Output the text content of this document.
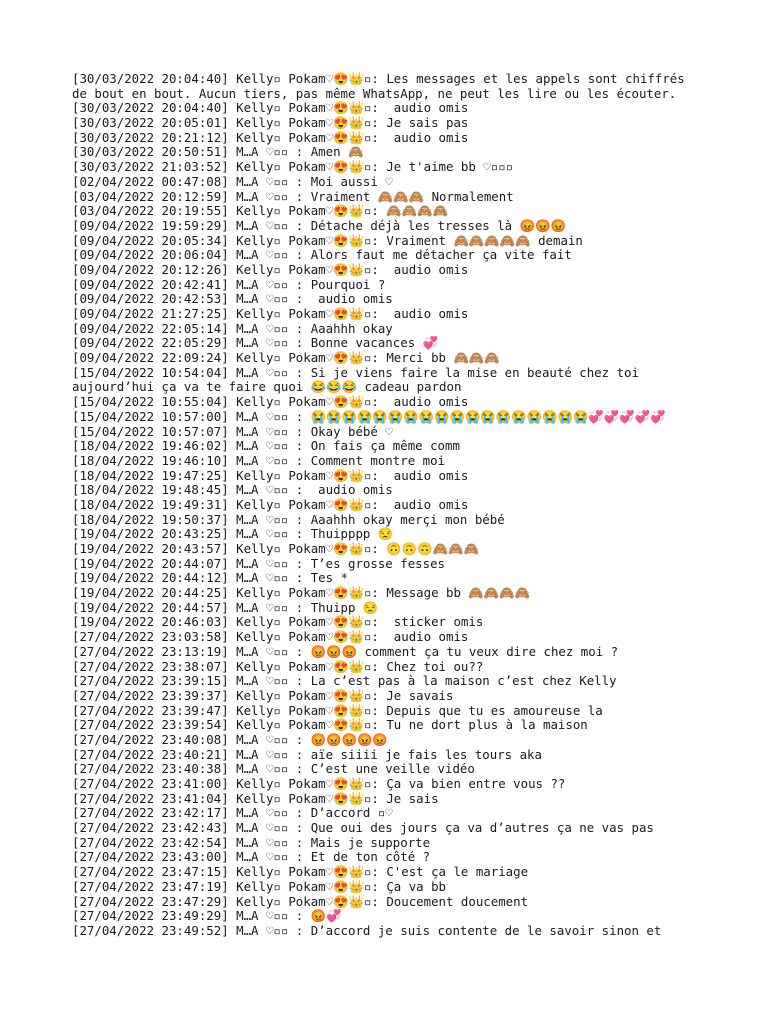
[30/03/2022 20:04:40] Kelly▫ Pokam♡😍👑▫: Les messages et les appels sont chiffrés
de bout en bout. Aucun tiers, pas même WhatsApp, ne peut les lire ou les écouter.
[30/03/2022 20:04:40] Kelly▫ Pokam♡😍👑▫:  audio omis
[30/03/2022 20:05:01] Kelly▫ Pokam♡😍👑▫: Je sais pas
[30/03/2022 20:21:12] Kelly▫ Pokam♡😍👑▫:  audio omis
[30/03/2022 20:50:51] M…A ♡▫▫ : Amen 🙈
[30/03/2022 21:03:52] Kelly▫ Pokam♡😍👑▫: Je t'aime bb ♡▫▫▫
[02/04/2022 00:47:08] M…A ♡▫▫ : Moi aussi ♡
[03/04/2022 20:12:59] M…A ♡▫▫ : Vraiment 🙈🙈🙈 Normalement
[03/04/2022 20:19:55] Kelly▫ Pokam♡😍👑▫: 🙈🙈🙈🙈
[09/04/2022 19:59:29] M…A ♡▫▫ : Détache déjà les tresses là 😡😡😡
[09/04/2022 20:05:34] Kelly▫ Pokam♡😍👑▫: Vraiment 🙈🙈🙈🙈🙈 demain
[09/04/2022 20:06:04] M…A ♡▫▫ : Alors faut me détacher ça vite fait
[09/04/2022 20:12:26] Kelly▫ Pokam♡😍👑▫:  audio omis
[09/04/2022 20:42:41] M…A ♡▫▫ : Pourquoi ?
[09/04/2022 20:42:53] M…A ♡▫▫ :  audio omis
[09/04/2022 21:27:25] Kelly▫ Pokam♡😍👑▫:  audio omis
[09/04/2022 22:05:14] M…A ♡▫▫ : Aaahhh okay
[09/04/2022 22:05:29] M…A ♡▫▫ : Bonne vacances 💞
[09/04/2022 22:09:24] Kelly▫ Pokam♡😍👑▫: Merci bb 🙈🙈🙈
[15/04/2022 10:54:04] M…A ♡▫▫ : Si je viens faire la mise en beauté chez toi
aujourd’hui ça va te faire quoi 😂😂😂 cadeau pardon
[15/04/2022 10:55:04] Kelly▫ Pokam♡😍👑▫:  audio omis
[15/04/2022 10:57:00] M…A ♡▫▫ : 😭😭😭😭😭😭😭😭😭😭😭😭😭😭😭😭😭😭💞💞💞💞💞
[15/04/2022 10:57:07] M…A ♡▫▫ : Okay bébé ♡
[18/04/2022 19:46:02] M…A ♡▫▫ : On fais ça même comm
[18/04/2022 19:46:10] M…A ♡▫▫ : Comment montre moi
[18/04/2022 19:47:25] Kelly▫ Pokam♡😍👑▫:  audio omis
[18/04/2022 19:48:45] M…A ♡▫▫ :  audio omis
[18/04/2022 19:49:31] Kelly▫ Pokam♡😍👑▫:  audio omis
[18/04/2022 19:50:37] M…A ♡▫▫ : Aaahhh okay merçi mon bébé
[19/04/2022 20:43:25] M…A ♡▫▫ : Thuipppp 😒
[19/04/2022 20:43:57] Kelly▫ Pokam♡😍👑▫: 🙃🙃🙃🙈🙈🙈
[19/04/2022 20:44:07] M…A ♡▫▫ : T’es grosse fesses
[19/04/2022 20:44:12] M…A ♡▫▫ : Tes *
[19/04/2022 20:44:25] Kelly▫ Pokam♡😍👑▫: Message bb 🙈🙈🙈🙈
[19/04/2022 20:44:57] M…A ♡▫▫ : Thuipp 😒
[19/04/2022 20:46:03] Kelly▫ Pokam♡😍👑▫:  sticker omis
[27/04/2022 23:03:58] Kelly▫ Pokam♡😍👑▫:  audio omis
[27/04/2022 23:13:19] M…A ♡▫▫ : 😡😡😡 comment ça tu veux dire chez moi ?
[27/04/2022 23:38:07] Kelly▫ Pokam♡😍👑▫: Chez toi ou??
[27/04/2022 23:39:15] M…A ♡▫▫ : La c’est pas à la maison c’est chez Kelly
[27/04/2022 23:39:37] Kelly▫ Pokam♡😍👑▫: Je savais
[27/04/2022 23:39:47] Kelly▫ Pokam♡😍👑▫: Depuis que tu es amoureuse la
[27/04/2022 23:39:54] Kelly▫ Pokam♡😍👑▫: Tu ne dort plus à la maison
[27/04/2022 23:40:08] M…A ♡▫▫ : 😡😡😡😡😡
[27/04/2022 23:40:21] M…A ♡▫▫ : aïe siiii je fais les tours aka
[27/04/2022 23:40:38] M…A ♡▫▫ : C’est une veille vidéo
[27/04/2022 23:41:00] Kelly▫ Pokam♡😍👑▫: Ça va bien entre vous ??
[27/04/2022 23:41:04] Kelly▫ Pokam♡😍👑▫: Je sais
[27/04/2022 23:42:17] M…A ♡▫▫ : D’accord ▫♡
[27/04/2022 23:42:43] M…A ♡▫▫ : Que oui des jours ça va d’autres ça ne vas pas
[27/04/2022 23:42:54] M…A ♡▫▫ : Mais je supporte
[27/04/2022 23:43:00] M…A ♡▫▫ : Et de ton côté ?
[27/04/2022 23:47:15] Kelly▫ Pokam♡😍👑▫: C'est ça le mariage
[27/04/2022 23:47:19] Kelly▫ Pokam♡😍👑▫: Ça va bb
[27/04/2022 23:47:29] Kelly▫ Pokam♡😍👑▫: Doucement doucement
[27/04/2022 23:49:29] M…A ♡▫▫ : 😡💞
[27/04/2022 23:49:52] M…A ♡▫▫ : D’accord je suis contente de le savoir sinon et
